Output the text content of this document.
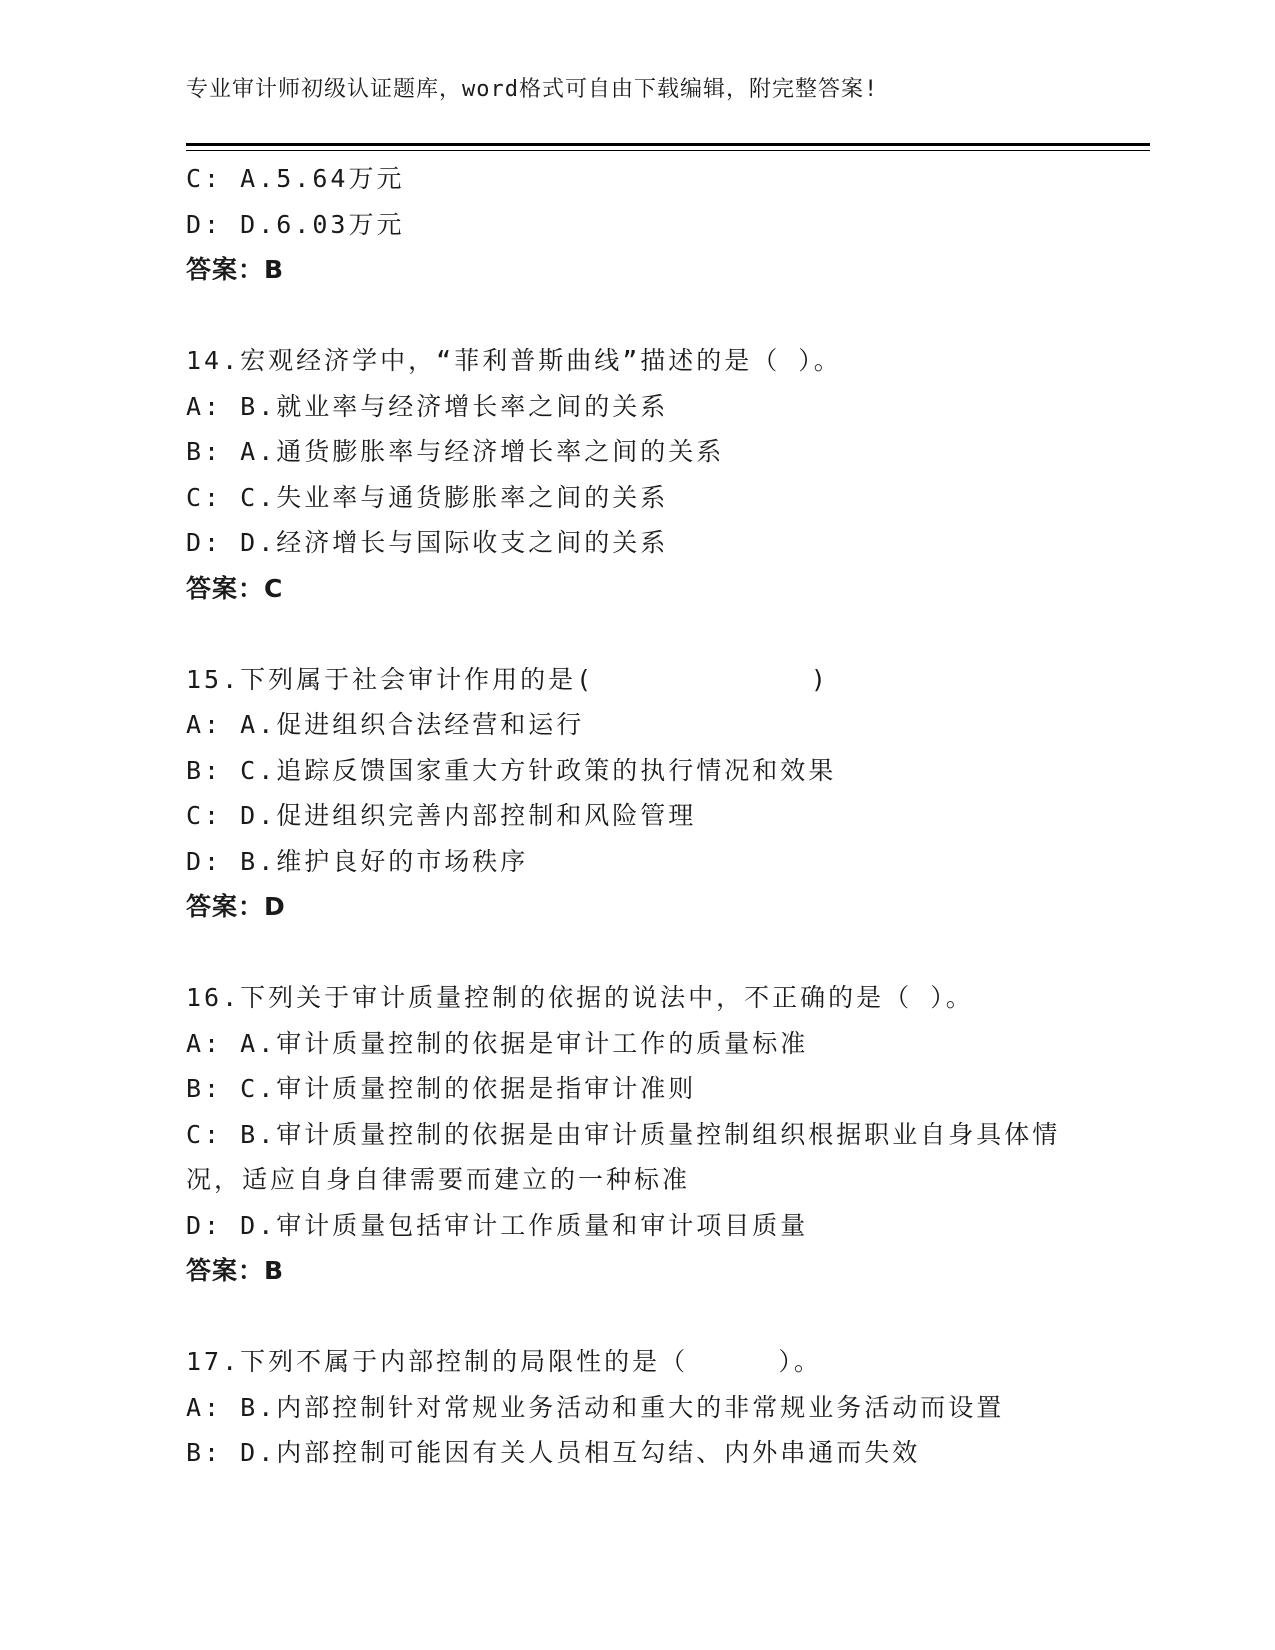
专业审计师初级认证题库，word格式可自由下载编辑，附完整答案!
C: A.5.64万元
D: D.6.03万元
答案：B
14.宏观经济学中，“菲利普斯曲线”描述的是（ ）。
A: B.就业率与经济增长率之间的关系
B: A.通货膨胀率与经济增长率之间的关系
C: C.失业率与通货膨胀率之间的关系
D: D.经济增长与国际收支之间的关系
答案：C
15.下列属于社会审计作用的是(            )
A: A.促进组织合法经营和运行
B: C.追踪反馈国家重大方针政策的执行情况和效果
C: D.促进组织完善内部控制和风险管理
D: B.维护良好的市场秩序
答案：D
16.下列关于审计质量控制的依据的说法中，不正确的是（ ）。
A: A.审计质量控制的依据是审计工作的质量标准
B: C.审计质量控制的依据是指审计准则
C: B.审计质量控制的依据是由审计质量控制组织根据职业自身具体情
况，适应自身自律需要而建立的一种标准
D: D.审计质量包括审计工作质量和审计项目质量
答案：B
17.下列不属于内部控制的局限性的是（     ）。
A: B.内部控制针对常规业务活动和重大的非常规业务活动而设置
B: D.内部控制可能因有关人员相互勾结、内外串通而失效
